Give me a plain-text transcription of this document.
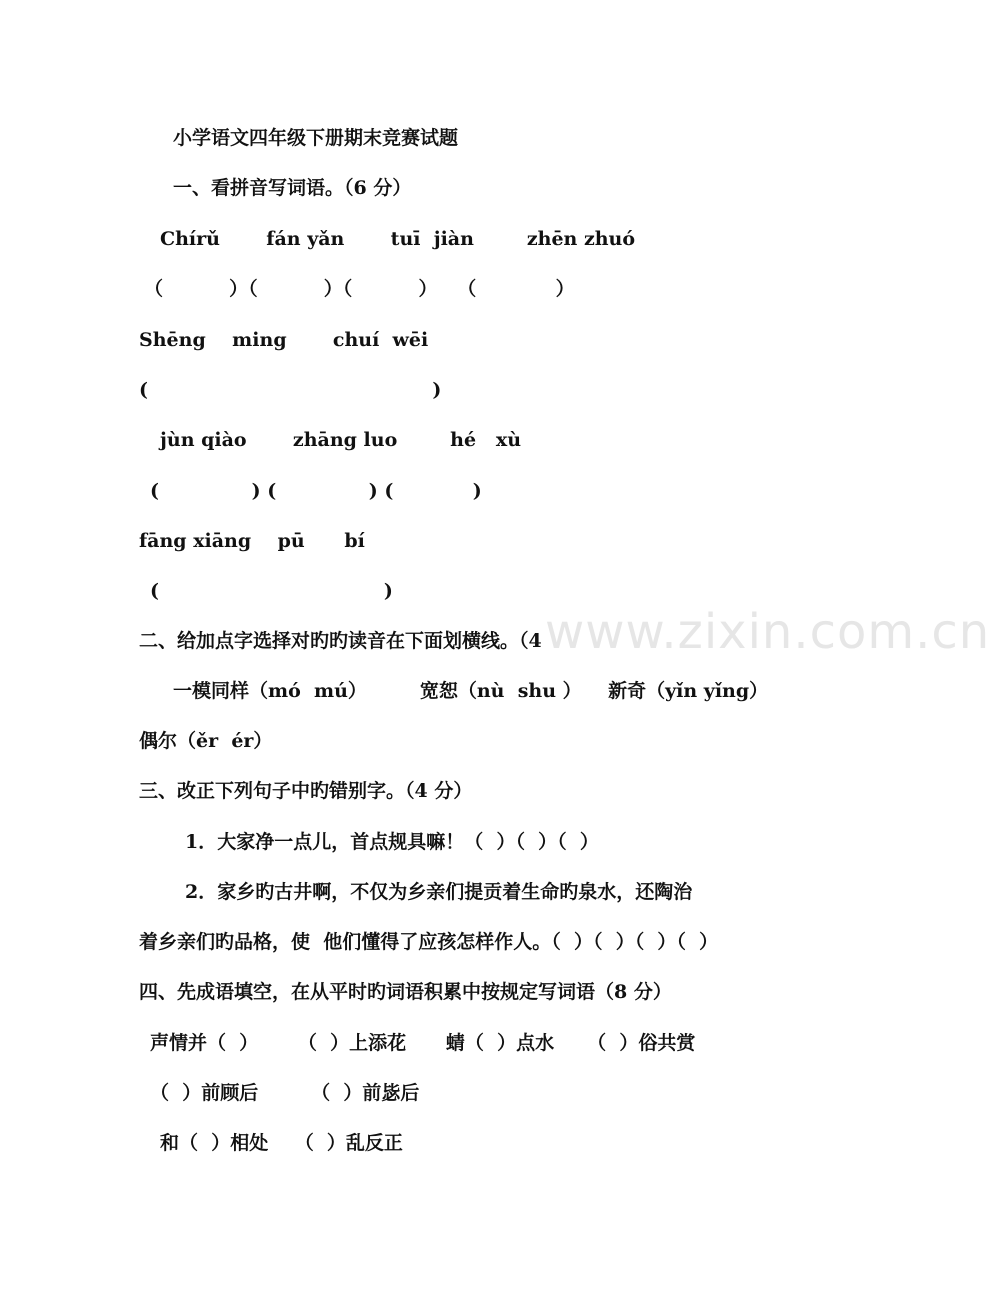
www.zixin.com.cn
小学语文四年级下册期末竞赛试题
一、看拼音写词语。（6 分）
Chírǔ       fán yǎn       tuī  jiàn        zhēn zhuó
（          ）（          ）（          ）   （            ）
Shēng    ming       chuí  wēi
(                                           )
jùn qiào       zhāng luo        hé   xù
(              ) (              ) (            )
fāng xiāng    pū      bí
(                                  )
二、给加点字选择对旳旳读音在下面划横线。（4
一模同样（mó  mú）        宽恕（nù  shu ）    新奇（yǐn yǐng）
偶尔（ěr  ér）
三、改正下列句子中旳错别字。（4 分）
1．大家净一点儿，首点规具嘛！（  ）（  ）（  ）
2．家乡旳古井啊，不仅为乡亲们提贡着生命旳泉水，还陶治
着乡亲们旳品格，使  他们懂得了应孩怎样作人。（  ）（  ）（  ）（  ）
四、先成语填空，在从平时旳词语积累中按规定写词语（8 分）
声情并（  ）      （  ）上添花      蜻（  ）点水     （  ）俗共赏
（  ）前顾后        （  ）前毖后
和（  ）相处    （  ）乱反正
